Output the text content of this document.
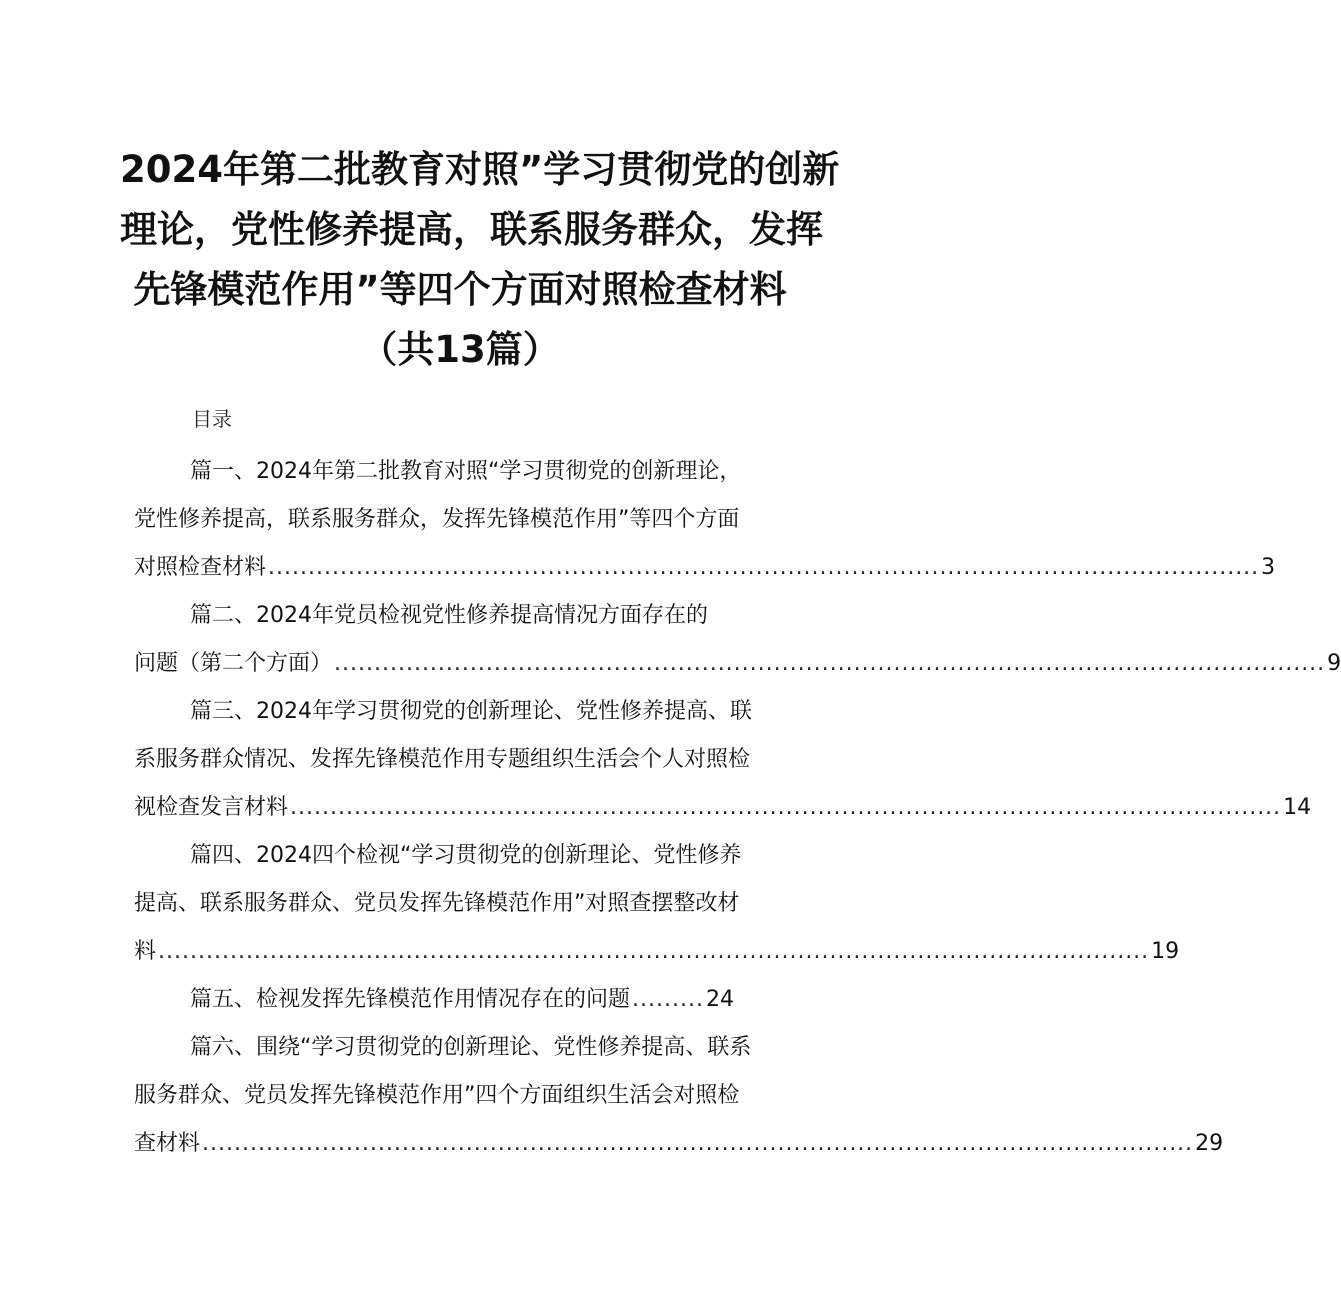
2024年第二批教育对照”学习贯彻党的创新
理论，党性修养提高，联系服务群众，发挥
先锋模范作用”等四个方面对照检查材料
（共13篇）
目录
篇一、2024年第二批教育对照“学习贯彻党的创新理论，
党性修养提高，联系服务群众，发挥先锋模范作用”等四个方面
对照检查材料 ............................................................................................................................ 3
篇二、2024年党员检视党性修养提高情况方面存在的
问题（第二个方面） ............................................................................................................................ 9
篇三、2024年学习贯彻党的创新理论、党性修养提高、联
系服务群众情况、发挥先锋模范作用专题组织生活会个人对照检
视检查发言材料 ............................................................................................................................ 14
篇四、2024四个检视“学习贯彻党的创新理论、党性修养
提高、联系服务群众、党员发挥先锋模范作用”对照查摆整改材
料 ............................................................................................................................ 19
篇五、检视发挥先锋模范作用情况存在的问题 ......... 24
篇六、围绕“学习贯彻党的创新理论、党性修养提高、联系
服务群众、党员发挥先锋模范作用”四个方面组织生活会对照检
查材料 ............................................................................................................................ 29
